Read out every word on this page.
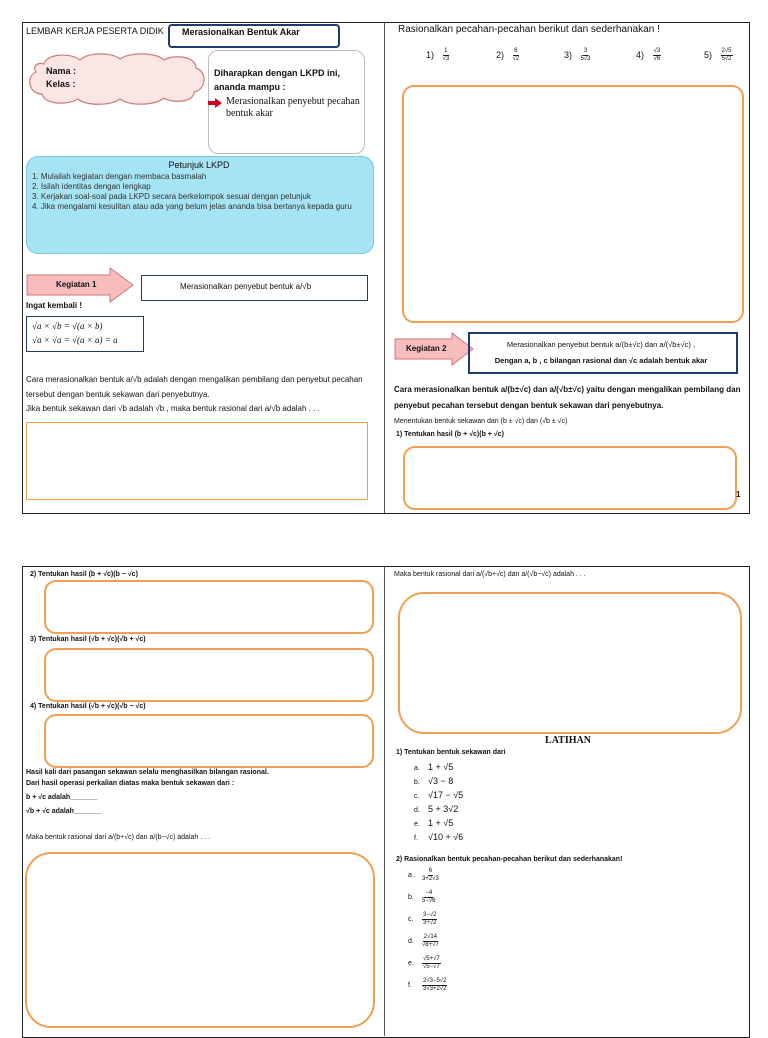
LEMBAR KERJA PESERTA DIDIK Merasionalkan Bentuk Akar
Nama :
Kelas :
Diharapkan dengan LKPD ini, ananda mampu :
Merasionalkan penyebut pecahan bentuk akar
Petunjuk LKPD
1. Mulailah kegiatan dengan membaca basmalah
2. Isilah identitas dengan lengkap
3. Kerjakan soal-soal pada LKPD secara berkelompok sesuai dengan petunjuk
4. Jika mengalami kesulitan atau ada yang belum jelas ananda bisa bertanya kepada guru
Kegiatan 1	Merasionalkan penyebut bentuk a/√b
Ingat kembali !
√a × √b = √(a × b)
√a × √a = √(a × a) = a
Cara merasionalkan bentuk a/√b adalah dengan mengalikan pembilang dan penyebut pecahan tersebut dengan bentuk sekawan dari penyebutnya.
Jika bentuk sekawan dari √b adalah √b , maka bentuk rasional dari a/√b adalah . . .
Rasionalkan pecahan-pecahan berikut dan sederhanakan !
$1) \frac{1}{√3}$	$2) \frac{8}{√2}$	$3) \frac{3}{5√3}$	$4) \frac{√3}{√6}$	$5) \frac{2√5}{5√2}$
Kegiatan 2	Merasionalkan penyebut bentuk a/(b±√c) dan a/(√b±√c) ,
Dengan a, b , c bilangan rasional dan √c adalah bentuk akar
Cara merasionalkan bentuk a/(b±√c) dan a/(√b±√c) yaitu dengan mengalikan pembilang dan penyebut pecahan tersebut dengan bentuk sekawan dari penyebutnya.
Menentukan bentuk sekawan dari (b ± √c) dan (√b ± √c)
1) Tentukan hasil (b + √c)(b + √c)
1
2) Tentukan hasil (b + √c)(b − √c)
3) Tentukan hasil (√b + √c)(√b + √c)
4) Tentukan hasil (√b + √c)(√b − √c)
Hasil kali dari pasangan sekawan selalu menghasilkan bilangan rasional.
Dari hasil operasi perkalian diatas maka bentuk sekawan dari :
b + √c adalah_______
√b + √c adalah_______
Maka bentuk rasional dari a/(b+√c) dan a/(b−√c) adalah . . .
Maka bentuk rasional dari a/(√b+√c) dan a/(√b−√c) adalah . . .
LATIHAN
1) Tentukan bentuk sekawan dari
a. 1 + √5
b. √3 − 8
c. √17 − √5
d. 5 + 3√2
e. 1 + √5
f. √10 + √6
2) Rasionalkan bentuk pecahan-pecahan berikut dan sederhanakan!
a . $\frac{6}{3+2√3}$
b. $\frac{-4}{5-√6}$
c. $\frac{3-√2}{3+√2}$
d. $\frac{2√14}{√8+√7}$
e. $\frac{√5+√7}{√5-√7}$
f. $\frac{2√3-5√2}{3√3+2√2}$
